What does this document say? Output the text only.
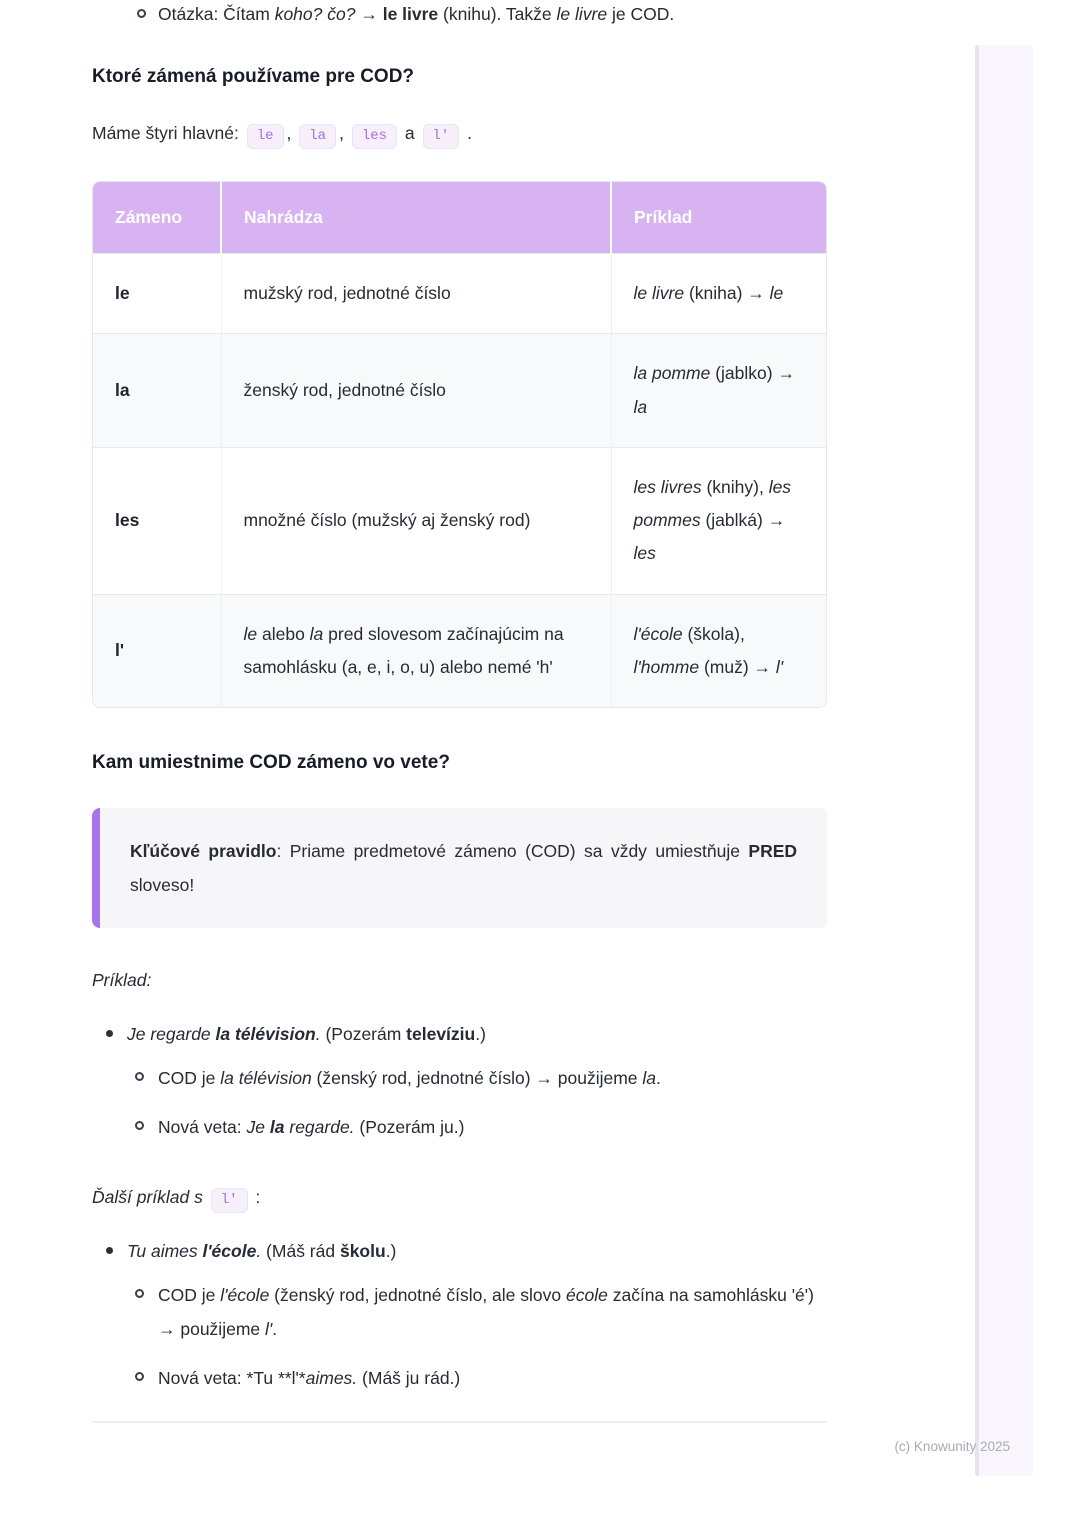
Otázka: Čítam koho? čo? → le livre (knihu). Takže le livre je COD.
Ktoré zámená používame pre COD?

Máme štyri hlavné: le , la , les a l' .

Zámeno	Nahrádza	Príklad
le	mužský rod, jednotné číslo	le livre (kniha) → le
la	ženský rod, jednotné číslo	la pomme (jablko) → la
les	množné číslo (mužský aj ženský rod)	les livres (knihy), les pommes (jablká) → les
l'	le alebo la pred slovesom začínajúcim na samohlásku (a, e, i, o, u) alebo nemé 'h'	l'école (škola), l'homme (muž) → l'
Kam umiestnime COD zámeno vo vete?
Kľúčové pravidlo: Priame predmetové zámeno (COD) sa vždy umiestňuje PRED sloveso!

Príklad:

Je regarde la télévision. (Pozerám televíziu.)
COD je la télévision (ženský rod, jednotné číslo) → použijeme la.
Nová veta: Je la regarde. (Pozerám ju.)

Ďalší príklad s l' :

Tu aimes l'école. (Máš rád školu.)
COD je l'école (ženský rod, jednotné číslo, ale slovo école začína na samohlásku 'é') → použijeme l'.
Nová veta: *Tu **l'*aimes. (Máš ju rád.)
(c) Knowunity 2025
